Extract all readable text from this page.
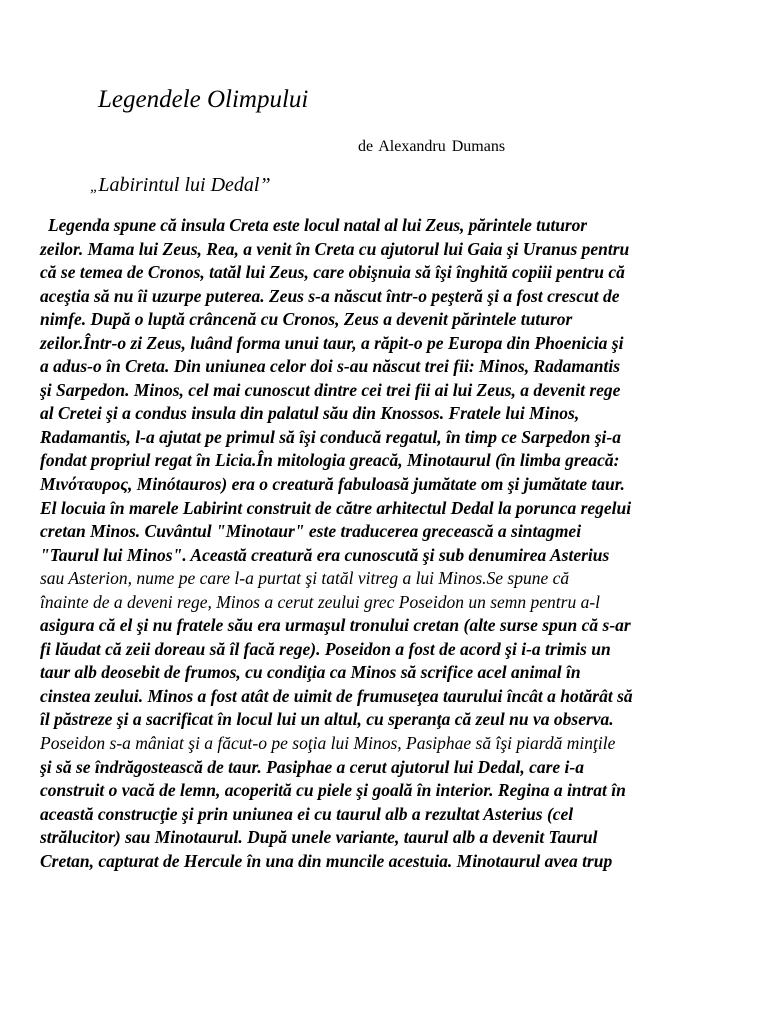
Legendele Olimpului
de Alexandru Dumans
„Labirintul lui Dedal”
Legenda spune că insula Creta este locul natal al lui Zeus, părintele tuturor
zeilor. Mama lui Zeus, Rea, a venit în Creta cu ajutorul lui Gaia şi Uranus pentru
că se temea de Cronos, tatăl lui Zeus, care obişnuia să îşi înghită copiii pentru că
aceştia să nu îi uzurpe puterea. Zeus s-a născut într-o peşteră şi a fost crescut de
nimfe. După o luptă crâncenă cu Cronos, Zeus a devenit părintele tuturor
zeilor.Într-o zi Zeus, luând forma unui taur, a răpit-o pe Europa din Phoenicia şi
a adus-o în Creta. Din uniunea celor doi s-au născut trei fii: Minos, Radamantis
şi Sarpedon. Minos, cel mai cunoscut dintre cei trei fii ai lui Zeus, a devenit rege
al Cretei şi a condus insula din palatul său din Knossos. Fratele lui Minos,
Radamantis, l-a ajutat pe primul să îşi conducă regatul, în timp ce Sarpedon şi-a
fondat propriul regat în Licia.În mitologia greacă, Minotaurul (în limba greacă:
Μινόταυρος, Minótauros) era o creatură fabuloasă jumătate om şi jumătate taur.
El locuia în marele Labirint construit de către arhitectul Dedal la porunca regelui
cretan Minos. Cuvântul "Minotaur" este traducerea grecească a sintagmei
"Taurul lui Minos". Această creatură era cunoscută şi sub denumirea Asterius
sau Asterion, nume pe care l-a purtat şi tatăl vitreg a lui Minos.Se spune că
înainte de a deveni rege, Minos a cerut zeului grec Poseidon un semn pentru a-l
asigura că el şi nu fratele său era urmaşul tronului cretan (alte surse spun că s-ar
fi lăudat că zeii doreau să îl facă rege). Poseidon a fost de acord şi i-a trimis un
taur alb deosebit de frumos, cu condiţia ca Minos să scrifice acel animal în
cinstea zeului. Minos a fost atât de uimit de frumuseţea taurului încât a hotărât să
îl păstreze şi a sacrificat în locul lui un altul, cu speranţa că zeul nu va observa.
Poseidon s-a mâniat şi a făcut-o pe soţia lui Minos, Pasiphae să îşi piardă minţile
şi să se îndrăgostească de taur. Pasiphae a cerut ajutorul lui Dedal, care i-a
construit o vacă de lemn, acoperită cu piele şi goală în interior. Regina a intrat în
această construcţie şi prin uniunea ei cu taurul alb a rezultat Asterius (cel
strălucitor) sau Minotaurul. După unele variante, taurul alb a devenit Taurul
Cretan, capturat de Hercule în una din muncile acestuia. Minotaurul avea trup
